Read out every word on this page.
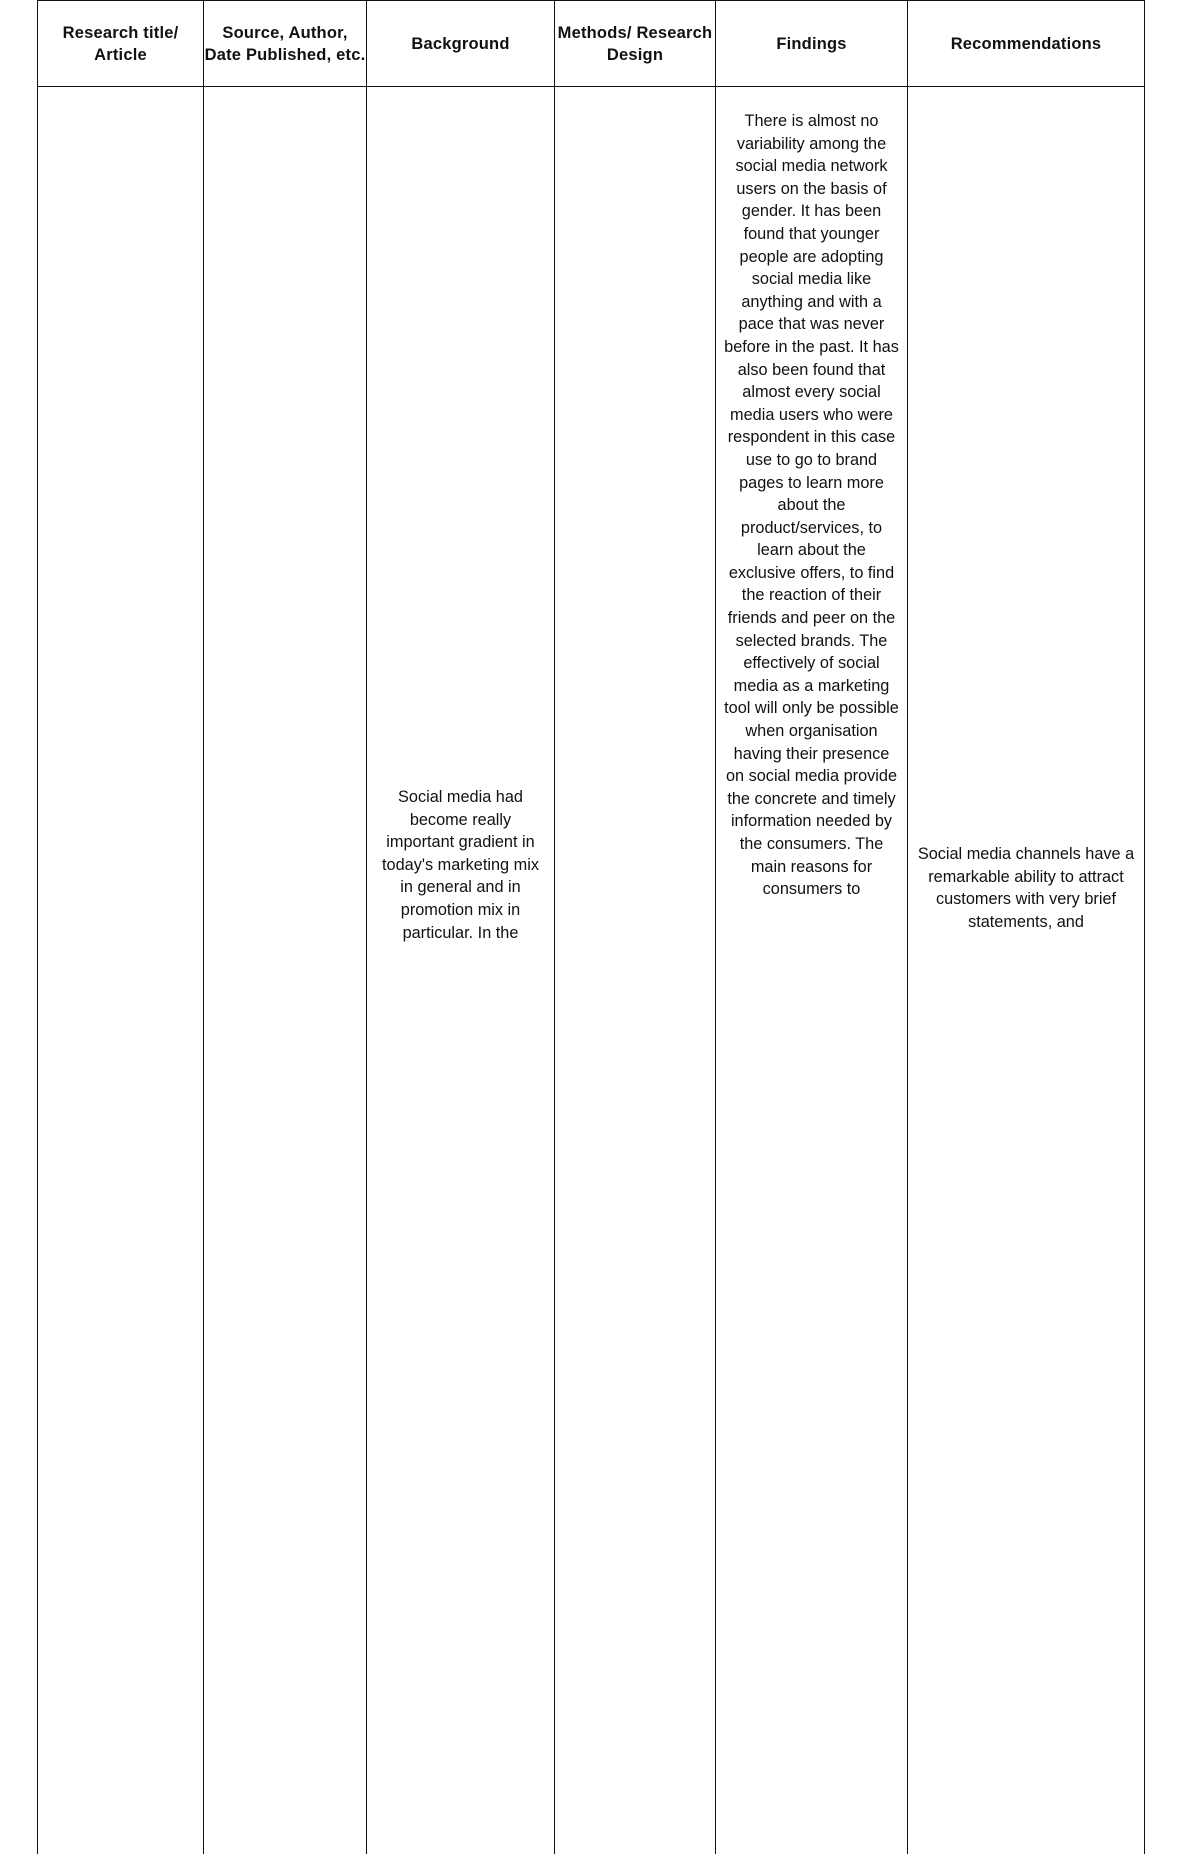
Research title/ Article	Source, Author, Date Published, etc.	Background	Methods/ Research Design	Findings	Recommendations
		Social media had become really important gradient in today's marketing mix in general and in promotion mix in particular. In the		There is almost no variability among the social media network users on the basis of gender. It has been found that younger people are adopting social media like anything and with a pace that was never before in the past. It has also been found that almost every social media users who were respondent in this case use to go to brand pages to learn more about the product/services, to learn about the exclusive offers, to find the reaction of their friends and peer on the selected brands. The effectively of social media as a marketing tool will only be possible when organisation having their presence on social media provide the concrete and timely information needed by the consumers. The main reasons for consumers to	Social media channels have a remarkable ability to attract customers with very brief statements, and
